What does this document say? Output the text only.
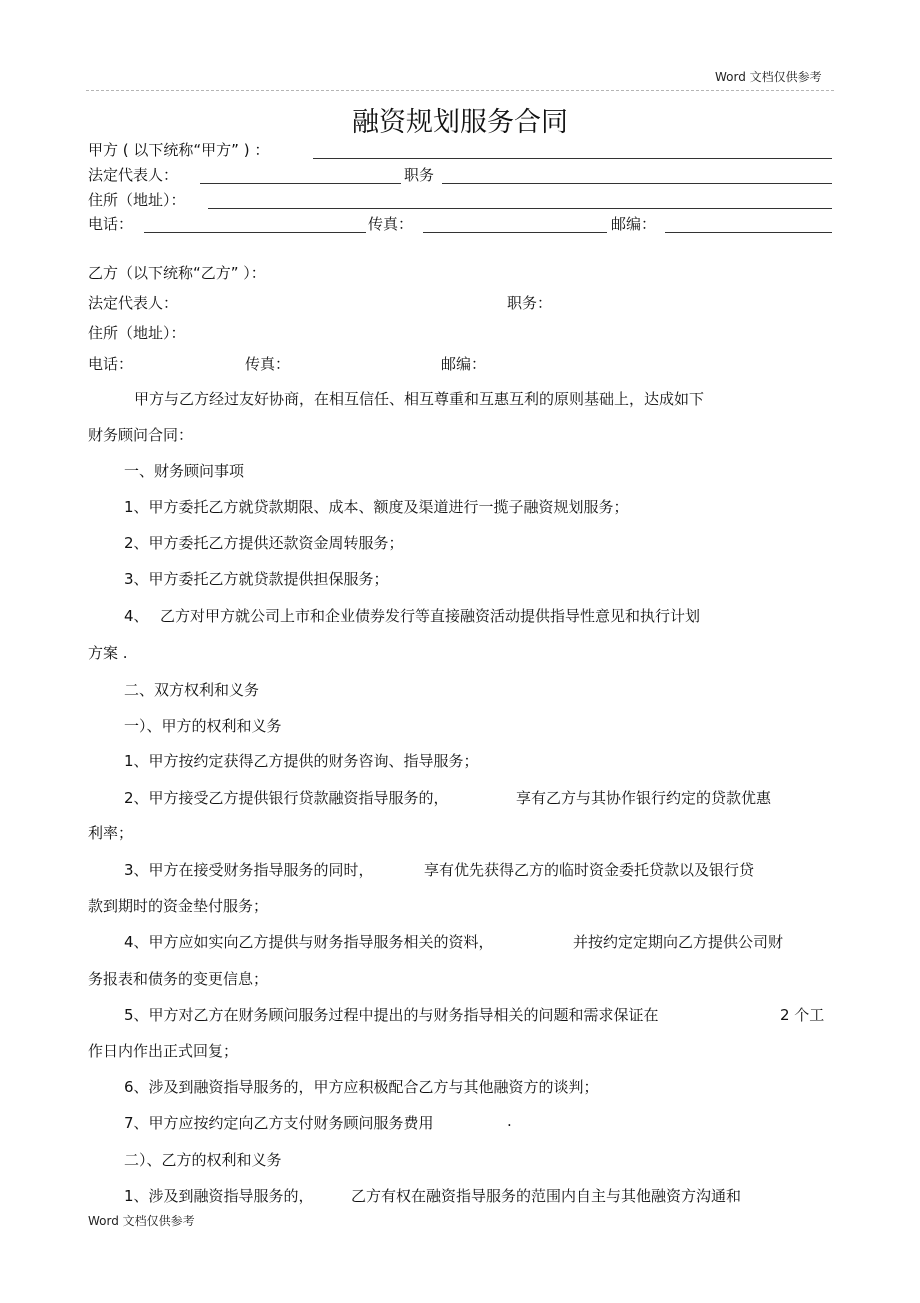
Word 文档仅供参考
融资规划服务合同
甲方 ( 以下统称“甲方” ) ：
法定代表人：	职务
住所（地址）：
电话：	传真：	邮编：
乙方（以下统称“乙方” ）：
法定代表人：	职务：
住所（地址）：
电话：	传真：	邮编：
甲方与乙方经过友好协商，在相互信任、相互尊重和互惠互利的原则基础上，达成如下
财务顾问合同：
一、财务顾问事项
1、甲方委托乙方就贷款期限、成本、额度及渠道进行一揽子融资规划服务；
2、甲方委托乙方提供还款资金周转服务；
3、甲方委托乙方就贷款提供担保服务；
4、 乙方对甲方就公司上市和企业债券发行等直接融资活动提供指导性意见和执行计划
方案 .
二、双方权利和义务
一）、甲方的权利和义务
1、甲方按约定获得乙方提供的财务咨询、指导服务；
2、甲方接受乙方提供银行贷款融资指导服务的，	享有乙方与其协作银行约定的贷款优惠
利率；
3、甲方在接受财务指导服务的同时，	享有优先获得乙方的临时资金委托贷款以及银行贷
款到期时的资金垫付服务；
4、甲方应如实向乙方提供与财务指导服务相关的资料，	并按约定定期向乙方提供公司财
务报表和债务的变更信息；
5、甲方对乙方在财务顾问服务过程中提出的与财务指导相关的问题和需求保证在	2 个工
作日内作出正式回复；
6、涉及到融资指导服务的，甲方应积极配合乙方与其他融资方的谈判；
7、甲方应按约定向乙方支付财务顾问服务费用	.
二）、乙方的权利和义务
1、涉及到融资指导服务的， 乙方有权在融资指导服务的范围内自主与其他融资方沟通和
Word 文档仅供参考
